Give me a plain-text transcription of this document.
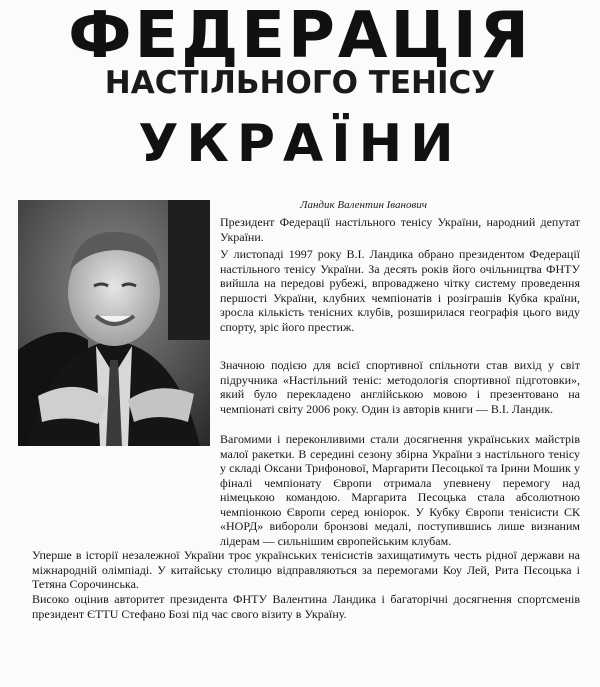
ФЕДЕРАЦІЯ
НАСТІЛЬНОГО ТЕНІСУ
УКРАЇНИ
Ландик Валентин Іванович

Президент Федерації настільного тенісу України, народний депутат України.

У листопаді 1997 року В.І. Ландика обрано президентом Федерації настільного тенісу України. За десять років його очільництва ФНТУ вийшла на передові рубежі, впроваджено чітку систему проведення першості України, клубних чемпіонатів і розіграшів Кубка країни, зросла кількість тенісних клубів, розширилася географія цього виду спорту, зріс його престиж.

Значною подією для всієї спортивної спільноти став вихід у світ підручника «Настільний теніс: методологія спортивної підготовки», який було перекладено англійською мовою і презентовано на чемпіонаті світу 2006 року. Один із авторів книги — В.І. Ландик.

Вагомими і переконливими стали досягнення українських майстрів малої ракетки. В середині сезону збірна України з настільного тенісу у складі Оксани Трифонової, Маргарити Песоцької та Ірини Мошик у фіналі чемпіонату Європи отримала упевнену перемогу над німецькою командою. Маргарита Песоцька стала абсолютною чемпіонкою Європи серед юніорок. У Кубку Європи тенісисти СК «НОРД» вибороли бронзові медалі, поступившись лише визнаним лідерам — сильнішим європейським клубам.

Уперше в історії незалежної України троє українських тенісистів захищатимуть честь рідної держави на міжнародній олімпіаді. У китайську столицю відправляються за перемогами Коу Лей, Рита Пєсоцька і Тетяна Сорочинська.

Високо оцінив авторитет президента ФНТУ Валентина Ландика і багаторічні досягнення спортсменів президент ЄТТU Стефано Бозі під час свого візиту в Україну.
